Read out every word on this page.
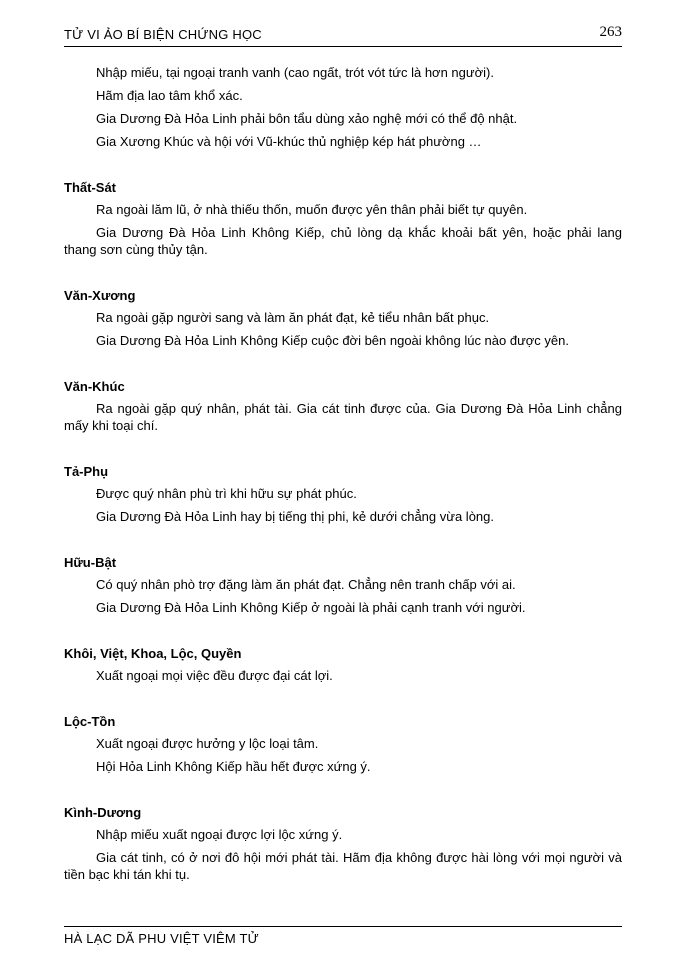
TỬ VI ẢO BÍ BIỆN CHỨNG HỌC	263

Nhập miếu, tại ngoại tranh vanh (cao ngất, trót vót tức là hơn người).

Hãm địa lao tâm khổ xác.

Gia Dương Đà Hỏa Linh phải bôn tẩu dùng xảo nghệ mới có thể độ nhật.

Gia Xương Khúc và hội với Vũ-khúc thủ nghiệp kép hát phường …

Thất-Sát

Ra ngoài lăm lũ, ở nhà thiếu thốn, muốn được yên thân phải biết tự quyên.

Gia Dương Đà Hỏa Linh Không Kiếp, chủ lòng dạ khắc khoải bất yên, hoặc phải lang thang sơn cùng thủy tận.

Văn-Xương

Ra ngoài gặp người sang và làm ăn phát đạt, kẻ tiểu nhân bất phục.

Gia Dương Đà Hỏa Linh Không Kiếp cuộc đời bên ngoài không lúc nào được yên.

Văn-Khúc

Ra ngoài gặp quý nhân, phát tài. Gia cát tinh được của. Gia Dương Đà Hỏa Linh chẳng mấy khi toại chí.

Tả-Phụ

Được quý nhân phù trì khi hữu sự phát phúc.

Gia Dương Đà Hỏa Linh hay bị tiếng thị phi, kẻ dưới chẳng vừa lòng.

Hữu-Bật

Có quý nhân phò trợ đặng làm ăn phát đạt. Chẳng nên tranh chấp với ai.

Gia Dương Đà Hỏa Linh Không Kiếp ở ngoài là phải cạnh tranh với người.

Khôi, Việt, Khoa, Lộc, Quyền

Xuất ngoại mọi việc đều được đại cát lợi.

Lộc-Tồn

Xuất ngoại được hưởng y lộc loại tâm.

Hội Hỏa Linh Không Kiếp hầu hết được xứng ý.

Kình-Dương

Nhập miếu xuất ngoại được lợi lộc xứng ý.

Gia cát tinh, có ở nơi đô hội mới phát tài. Hãm địa không được hài lòng với mọi người và tiền bạc khi tán khi tụ.

HÀ LẠC DÃ PHU VIỆT VIÊM TỬ
